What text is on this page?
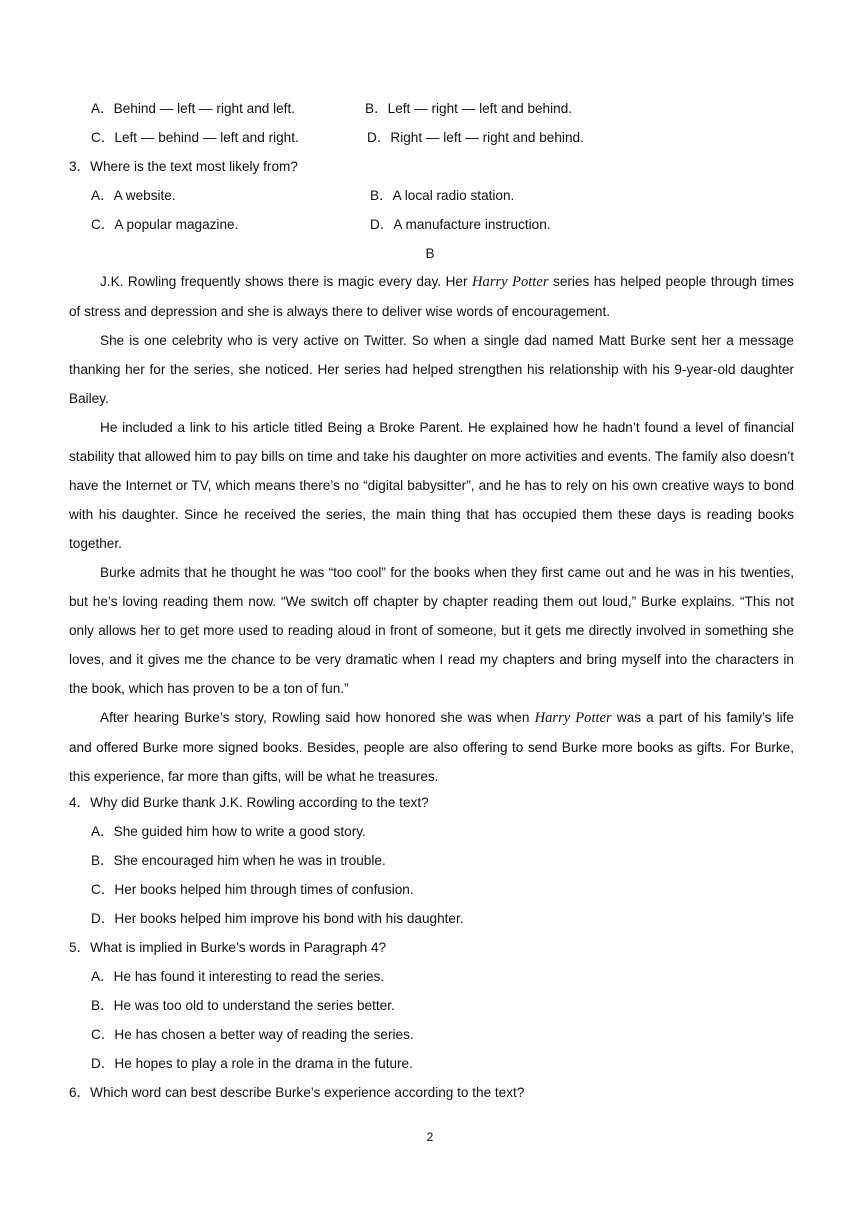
A．Behind — left — right and left.	B．Left — right — left and behind.
C．Left — behind — left and right.	D．Right — left — right and behind.
3．Where is the text most likely from?
A．A website.	B．A local radio station.
C．A popular magazine.	D．A manufacture instruction.
B

J.K. Rowling frequently shows there is magic every day. Her Harry Potter series has helped people through times of stress and depression and she is always there to deliver wise words of encouragement.

She is one celebrity who is very active on Twitter. So when a single dad named Matt Burke sent her a message thanking her for the series, she noticed. Her series had helped strengthen his relationship with his 9-year-old daughter Bailey.

He included a link to his article titled Being a Broke Parent. He explained how he hadn’t found a level of financial stability that allowed him to pay bills on time and take his daughter on more activities and events. The family also doesn’t have the Internet or TV, which means there’s no “digital babysitter”, and he has to rely on his own creative ways to bond with his daughter. Since he received the series, the main thing that has occupied them these days is reading books together.

Burke admits that he thought he was “too cool” for the books when they first came out and he was in his twenties, but he’s loving reading them now. “We switch off chapter by chapter reading them out loud,” Burke explains. “This not only allows her to get more used to reading aloud in front of someone, but it gets me directly involved in something she loves, and it gives me the chance to be very dramatic when I read my chapters and bring myself into the characters in the book, which has proven to be a ton of fun.”

After hearing Burke’s story, Rowling said how honored she was when Harry Potter was a part of his family’s life and offered Burke more signed books. Besides, people are also offering to send Burke more books as gifts. For Burke, this experience, far more than gifts, will be what he treasures.

4．Why did Burke thank J.K. Rowling according to the text?
A．She guided him how to write a good story.
B．She encouraged him when he was in trouble.
C．Her books helped him through times of confusion.
D．Her books helped him improve his bond with his daughter.
5．What is implied in Burke’s words in Paragraph 4?
A．He has found it interesting to read the series.
B．He was too old to understand the series better.
C．He has chosen a better way of reading the series.
D．He hopes to play a role in the drama in the future.
6．Which word can best describe Burke’s experience according to the text?
2
